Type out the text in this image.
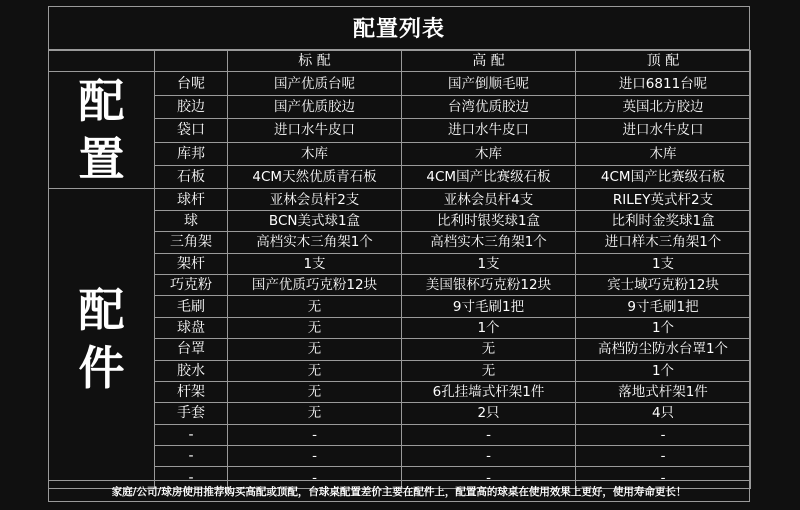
配置列表
		标 配	高 配	顶 配

配
置	台呢	国产优质台呢	国产倒顺毛呢	进口6811台呢
	胶边	国产优质胶边	台湾优质胶边	英国北方胶边
	袋口	进口水牛皮口	进口水牛皮口	进口水牛皮口
	库邦	木库	木库	木库
	石板	4CM天然优质青石板	4CM国产比赛级石板	4CM国产比赛级石板

配
件	球杆	亚林会员杆2支	亚林会员杆4支	RILEY英式杆2支
	球	BCN美式球1盒	比利时银奖球1盒	比利时金奖球1盒
	三角架	高档实木三角架1个	高档实木三角架1个	进口样木三角架1个
	架杆	1支	1支	1支
	巧克粉	国产优质巧克粉12块	美国银杯巧克粉12块	宾士域巧克粉12块
	毛刷	无	9寸毛刷1把	9寸毛刷1把
	球盘	无	1个	1个
	台罩	无	无	高档防尘防水台罩1个
	胶水	无	无	1个
	杆架	无	6孔挂墙式杆架1件	落地式杆架1件
	手套	无	2只	4只
	-	-	-	-
	-	-	-	-
	-	-	-	-
家庭/公司/球房使用推荐购买高配或顶配，台球桌配置差价主要在配件上，配置高的球桌在使用效果上更好，使用寿命更长！
